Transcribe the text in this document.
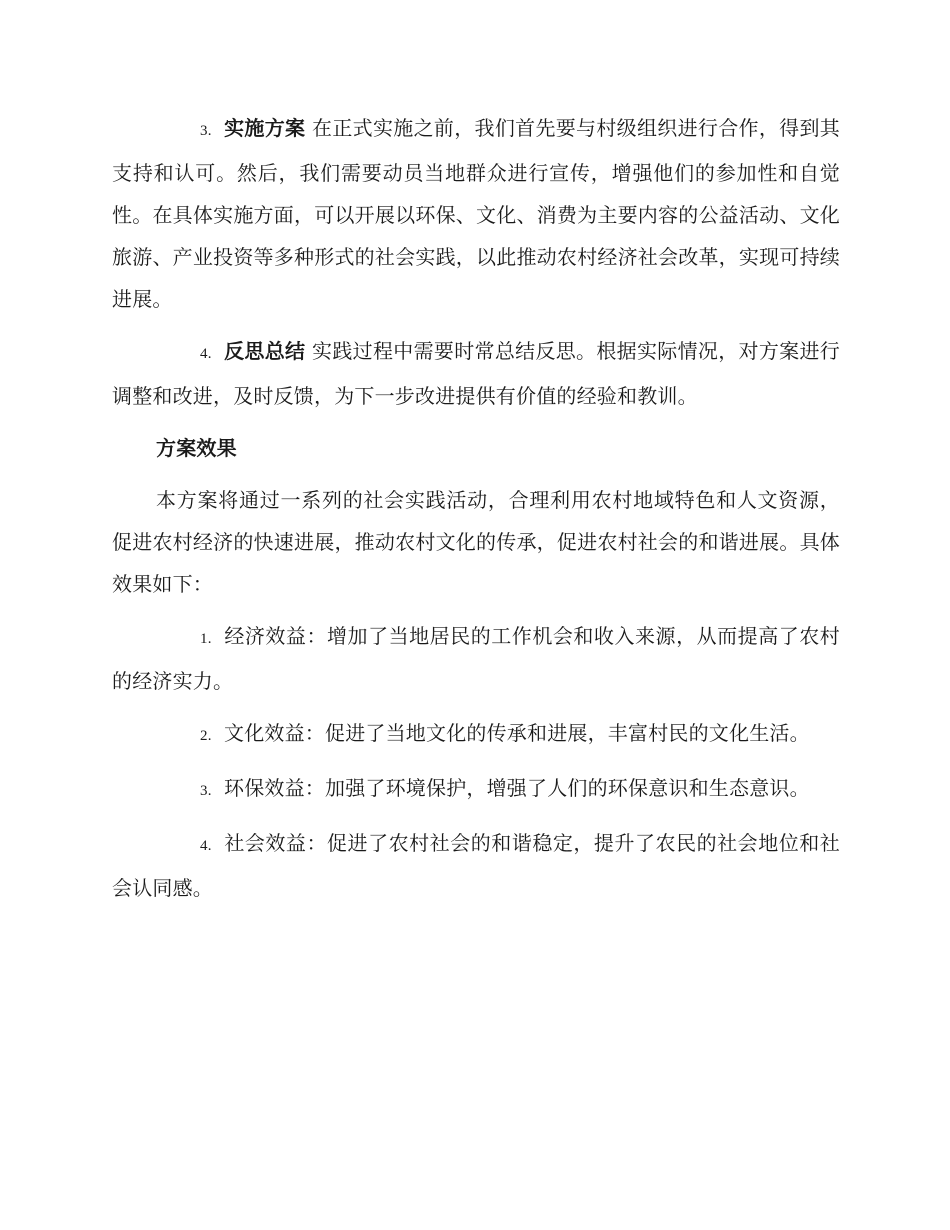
3. 实施方案 在正式实施之前，我们首先要与村级组织进行合作，得到其支持和认可。然后，我们需要动员当地群众进行宣传，增强他们的参加性和自觉性。在具体实施方面，可以开展以环保、文化、消费为主要内容的公益活动、文化旅游、产业投资等多种形式的社会实践，以此推动农村经济社会改革，实现可持续进展。

4. 反思总结 实践过程中需要时常总结反思。根据实际情况，对方案进行调整和改进，及时反馈，为下一步改进提供有价值的经验和教训。

方案效果

本方案将通过一系列的社会实践活动，合理利用农村地域特色和人文资源，促进农村经济的快速进展，推动农村文化的传承，促进农村社会的和谐进展。具体效果如下：

1. 经济效益：增加了当地居民的工作机会和收入来源，从而提高了农村的经济实力。

2. 文化效益：促进了当地文化的传承和进展，丰富村民的文化生活。

3. 环保效益：加强了环境保护，增强了人们的环保意识和生态意识。

4. 社会效益：促进了农村社会的和谐稳定，提升了农民的社会地位和社会认同感。
